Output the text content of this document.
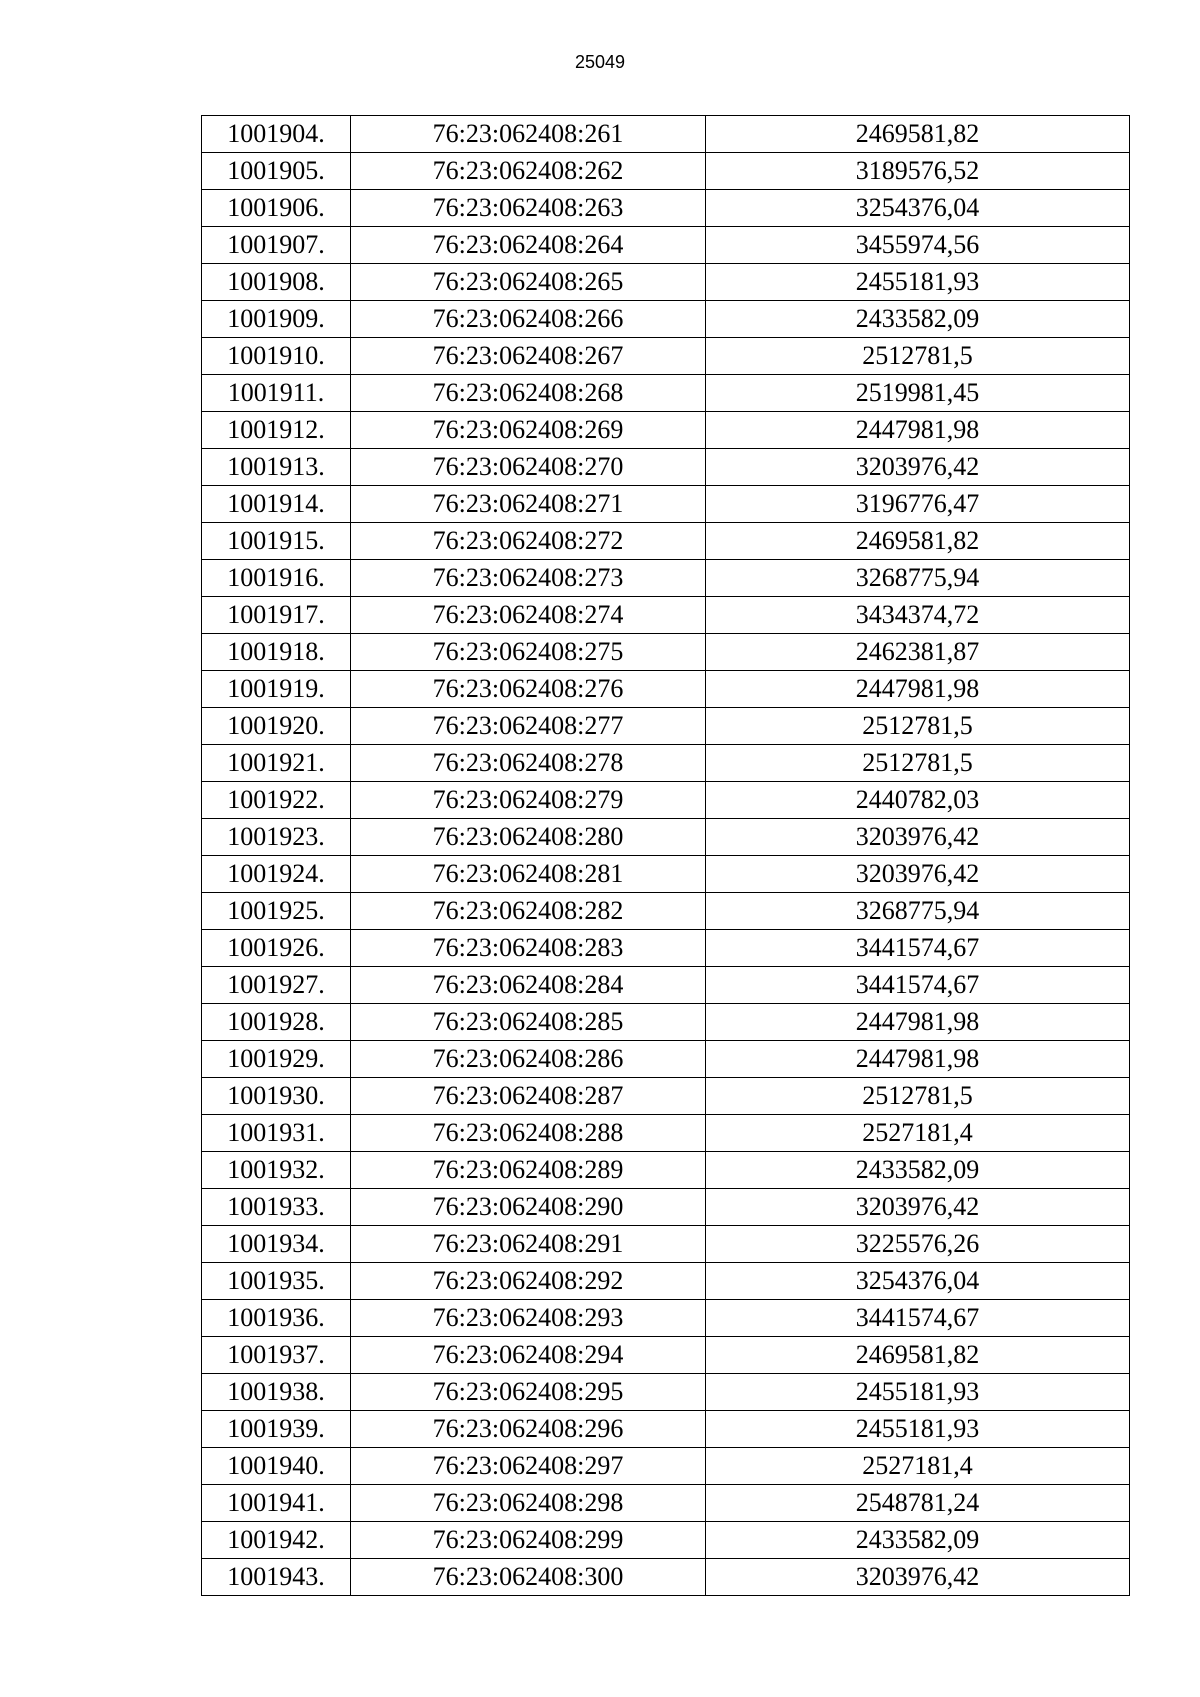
25049
1001904.	76:23:062408:261	2469581,82
1001905.	76:23:062408:262	3189576,52
1001906.	76:23:062408:263	3254376,04
1001907.	76:23:062408:264	3455974,56
1001908.	76:23:062408:265	2455181,93
1001909.	76:23:062408:266	2433582,09
1001910.	76:23:062408:267	2512781,5
1001911.	76:23:062408:268	2519981,45
1001912.	76:23:062408:269	2447981,98
1001913.	76:23:062408:270	3203976,42
1001914.	76:23:062408:271	3196776,47
1001915.	76:23:062408:272	2469581,82
1001916.	76:23:062408:273	3268775,94
1001917.	76:23:062408:274	3434374,72
1001918.	76:23:062408:275	2462381,87
1001919.	76:23:062408:276	2447981,98
1001920.	76:23:062408:277	2512781,5
1001921.	76:23:062408:278	2512781,5
1001922.	76:23:062408:279	2440782,03
1001923.	76:23:062408:280	3203976,42
1001924.	76:23:062408:281	3203976,42
1001925.	76:23:062408:282	3268775,94
1001926.	76:23:062408:283	3441574,67
1001927.	76:23:062408:284	3441574,67
1001928.	76:23:062408:285	2447981,98
1001929.	76:23:062408:286	2447981,98
1001930.	76:23:062408:287	2512781,5
1001931.	76:23:062408:288	2527181,4
1001932.	76:23:062408:289	2433582,09
1001933.	76:23:062408:290	3203976,42
1001934.	76:23:062408:291	3225576,26
1001935.	76:23:062408:292	3254376,04
1001936.	76:23:062408:293	3441574,67
1001937.	76:23:062408:294	2469581,82
1001938.	76:23:062408:295	2455181,93
1001939.	76:23:062408:296	2455181,93
1001940.	76:23:062408:297	2527181,4
1001941.	76:23:062408:298	2548781,24
1001942.	76:23:062408:299	2433582,09
1001943.	76:23:062408:300	3203976,42
